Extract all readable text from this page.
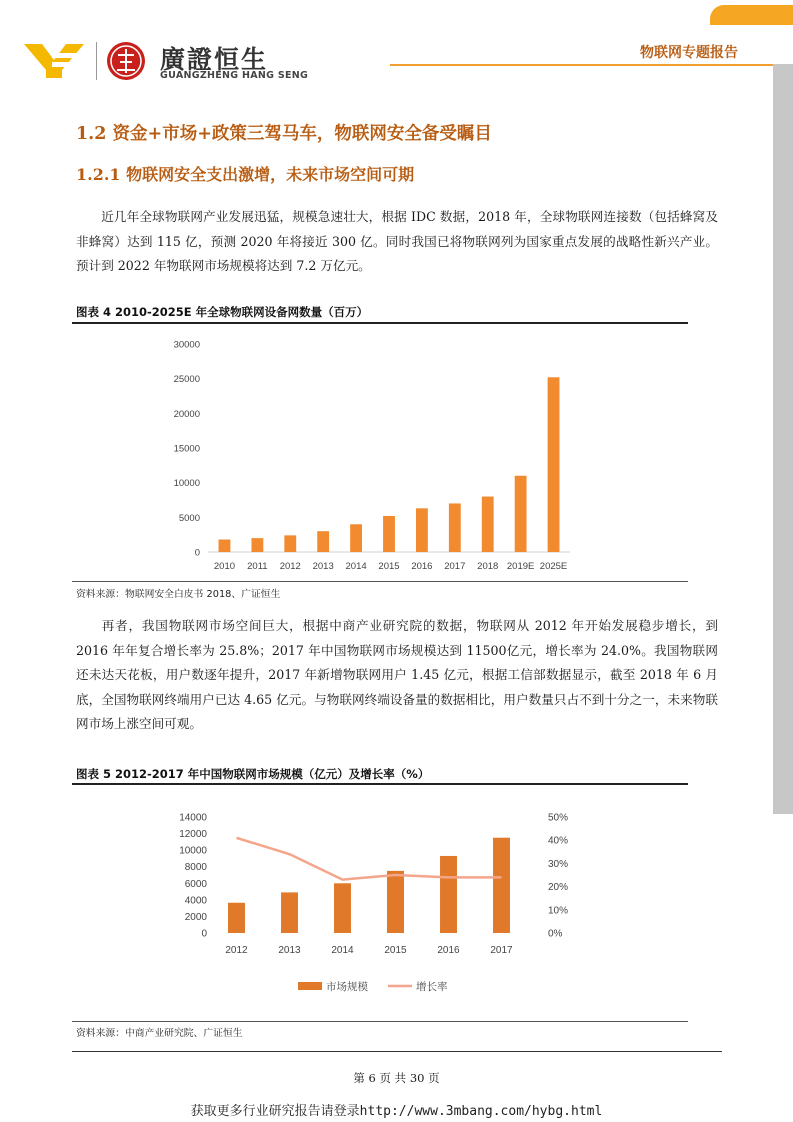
廣證恒生
GUANGZHENG HANG SENG
物联网专题报告
1.2 资金+市场+政策三驾马车，物联网安全备受瞩目
1.2.1 物联网安全支出激增，未来市场空间可期
近几年全球物联网产业发展迅猛，规模急速壮大，根据 IDC 数据，2018 年，全球物联网连接数（包括蜂窝及非蜂窝）达到 115 亿，预测 2020 年将接近 300 亿。同时我国已将物联网列为国家重点发展的战略性新兴产业。预计到 2022 年物联网市场规模将达到 7.2 万亿元。
图表 4 2010-2025E 年全球物联网设备网数量（百万）
0
5000
10000
15000
20000
25000
30000
2010 2011 2012 2013 2014 2015 2016 2017 2018 2019E 2025E
资料来源：物联网安全白皮书 2018、广证恒生
再者，我国物联网市场空间巨大，根据中商产业研究院的数据，物联网从 2012 年开始发展稳步增长，到 2016 年年复合增长率为 25.8%；2017 年中国物联网市场规模达到 11500亿元，增长率为 24.0%。我国物联网还未达天花板，用户数逐年提升，2017 年新增物联网用户 1.45 亿元，根据工信部数据显示，截至 2018 年 6 月底，全国物联网终端用户已达 4.65 亿元。与物联网终端设备量的数据相比，用户数量只占不到十分之一，未来物联网市场上涨空间可观。
图表 5 2012-2017 年中国物联网市场规模（亿元）及增长率（%）
0
2000
4000
6000
8000
10000
12000
14000
0%
10%
20%
30%
40%
50%
2012	2013	2014	2015	2016	2017
市场规模	增长率
资料来源：中商产业研究院、广证恒生
第 6 页 共 30 页
获取更多行业研究报告请登录http://www.3mbang.com/hybg.html
